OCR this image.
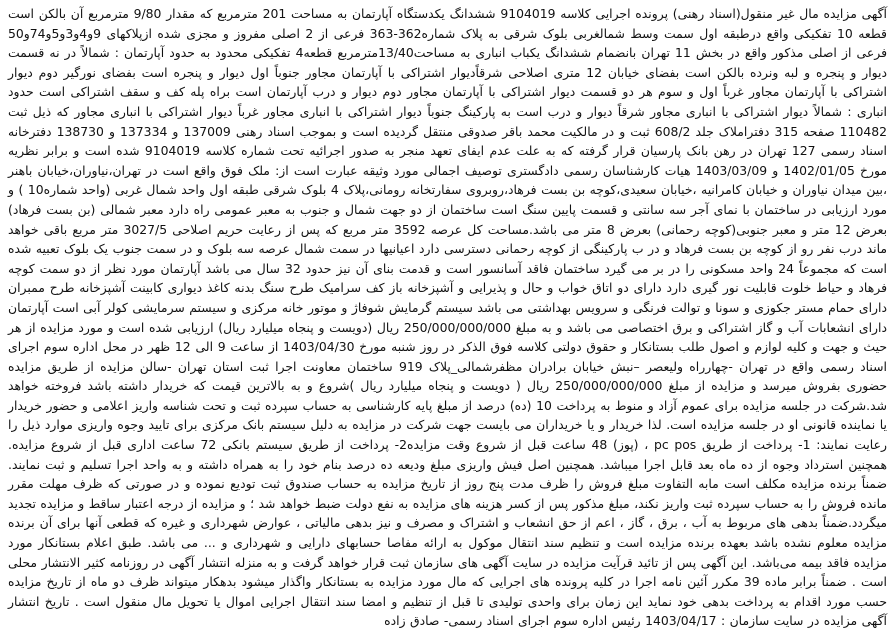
آگهی مزایده مال غیر منقول(اسناد رهنی) پرونده اجرایی کلاسه 9104019 ششدانگ یکدستگاه آپارتمان به مساحت 201 مترمربع که مقدار 9/80 مترمربع آن بالکن است قطعه 10 تفکیکی واقع درطبقه اول سمت وسط شمالغربی بلوک شرقی به پلاک شماره362-363 فرعی از 2 اصلی مفروز و مجزی شده ازپلاکهای 9و4و3و5و74و50 فرعی از اصلی مذکور واقع در بخش 11 تهران بانضمام ششدانگ یکباب انباری به مساحت13/40مترمربع قطعه4 تفکیکی محدود به حدود آپارتمان : شمالاً در نه قسمت دیوار و پنجره و لبه ونرده بالکن است بفضای خیابان 12 متری اصلاحی شرقاًدیوار اشتراکی با آپارتمان مجاور جنوباً اول دیوار و پنجره است بفضای نورگیر دوم دیوار اشتراکی با آپارتمان مجاور غرباً اول و سوم هر دو قسمت دیوار اشتراکی با آپارتمان مجاور دوم دیوار و درب آپارتمان است براه پله کف و سقف اشتراکی است حدود انباری : شمالاً دیوار اشتراکی با انباری مجاور شرقاً دیوار و درب است به پارکینگ جنوباً دیوار اشتراکی با انباری مجاور غرباً دیوار اشتراکی با انباری مجاور که ذیل ثبت 110482 صفحه 315 دفتراملاک جلد 608/2 ثبت و در مالکیت محمد باقر صدوقی منتقل گردیده است و بموجب اسناد رهنی 137009 و 137334 و 138730 دفترخانه اسناد رسمی 127 تهران در رهن بانک پارسیان قرار گرفته که به علت عدم ایفای تعهد منجر به صدور اجرائیه تحت شماره کلاسه 9104019 شده است و برابر نظریه مورخ 1402/01/05 و 1403/03/09 هیات کارشناسان رسمی دادگستری توصیف اجمالی مورد وثیقه عبارت است از: ملک فوق واقع است در تهران،نیاوران،خیابان باهنر ،بین میدان نیاوران و خیابان کامرانیه ،خیابان سعیدی،کوچه بن بست فرهاد،روبروی سفارتخانه رومانی،پلاک 4 بلوک شرقی طبقه اول واحد شمال غربی (واحد شماره10 ) و مورد ارزیابی در ساختمان با نمای آجر سه سانتی و قسمت پایین سنگ است ساختمان از دو جهت شمال و جنوب به معبر عمومی راه دارد معبر شمالی (بن بست فرهاد) بعرض 12 متر و معبر جنوبی(کوچه رحمانی) بعرض 8 متر می باشد.مساحت کل عرصه 3592 متر مربع که پس از رعایت حریم اصلاحی 3027/5 متر مربع باقی خواهد ماند درب نفر رو از کوچه بن بست فرهاد و در ب پارکینگی از کوچه رحمانی دسترسی دارد اعیانیها در سمت شمال عرصه سه بلوک و در سمت جنوب یک بلوک تعبیه شده است که مجموعاً 24 واحد مسکونی را در بر می گیرد ساختمان فاقد آسانسور است و قدمت بنای آن نیز حدود 32 سال می باشد آپارتمان مورد نظر از دو سمت کوچه فرهاد و حیاط خلوت قابلیت نور گیری دارد دارای دو اتاق خواب و حال و پذیرایی و آشپزخانه باز کف سرامیک طرح سنگ بدنه کاغذ دیواری کابینت آشپزخانه طرح ممبران دارای حمام مستر جکوزی و سونا و توالت فرنگی و سرویس بهداشتی می باشد سیستم گرمایش شوفاژ و موتور خانه مرکزی و سیستم سرمایشی کولر آبی است آپارتمان دارای انشعابات آب و گاز اشتراکی و برق اختصاصی می باشد و به مبلغ 250/000/000/000 ریال (دویست و پنجاه میلیارد ریال) ارزیابی شده است و مورد مزایده از هر حیث و جهت و کلیه لوازم و اصول طلب بستانکار و حقوق دولتی کلاسه فوق الذکر در روز شنبه مورخ 1403/04/30 از ساعت 9 الی 12 ظهر در محل اداره سوم اجرای اسناد رسمی واقع در تهران -چهارراه ولیعصر –نبش خیابان برادران مظفرشمالی_پلاک 919 ساختمان معاونت اجرا ثبت استان تهران -سالن مزایده از طریق مزایده حضوری بفروش میرسد و مزایده از مبلغ 250/000/000/000 ریال ( دویست و پنجاه میلیارد ریال )شروع و به بالاترین قیمت که خریدار داشته باشد فروخته خواهد شد.شرکت در جلسه مزایده برای عموم آزاد و منوط به پرداخت 10 (ده) درصد از مبلغ پایه کارشناسی به حساب سپرده ثبت و تحت شناسه واریز اعلامی و حضور خریدار یا نماینده قانونی او در جلسه مزایده است. لذا خریدار و یا خریداران می بایست جهت شرکت در مزایده به دلیل سیستم بانک مرکزی برای تایید وجوه واریزی موارد ذیل را رعایت نمایند: 1- پرداخت از طریق pc pos ، (پوز) 48 ساعت قبل از شروع وقت مزایده2- پرداخت از طریق سیستم بانکی 72 ساعت اداری قبل از شروع مزایده. همچنین استرداد وجوه از ده ماه بعد قابل اجرا میباشد. همچنین اصل فیش واریزی مبلغ ودیعه ده درصد بنام خود را به همراه داشته و به واحد اجرا تسلیم و ثبت نمایند. ضمناً برنده مزایده مکلف است مابه التفاوت مبلغ فروش را ظرف مدت پنج روز از تاریخ مزایده به حساب صندوق ثبت تودیع نموده و در صورتی که ظرف مهلت مقرر مانده فروش را به حساب سپرده ثبت واریز نکند، مبلغ مذکور پس از کسر هزینه های مزایده به نفع دولت ضبط خواهد شد ؛ و مزایده از درجه اعتبار ساقط و مزایده تجدید میگردد.ضمناً بدهی های مربوط به آب ، برق ، گاز ، اعم از حق انشعاب و اشتراک و مصرف و نیز بدهی مالیاتی ، عوارض شهرداری و غیره که قطعی آنها برای آن برنده مزایده معلوم نشده باشد بعهده برنده مزایده است و تنظیم سند انتقال موکول به ارائه مفاصا حسابهای دارایی و شهرداری و ... می باشد. طبق اعلام بستانکار مورد مزایده فاقد بیمه می‌باشد. این آگهی پس از تائید قرآیت مزایده در سایت آگهی های سازمان ثبت قرار خواهد گرفت و به منزله انتشار آگهی در روزنامه کثیر الانتشار محلی است . ضمناً برابر ماده 39 مکرر آئین نامه اجرا در کلیه پرونده های اجرایی که مال مورد مزایده به بستانکار واگذار میشود بدهکار میتواند ظرف دو ماه از تاریخ مزایده حسب مورد اقدام به پرداخت بدهی خود نماید این زمان برای واحدی تولیدی تا قبل از تنظیم و امضا سند انتقال اجرایی اموال یا تحویل مال منقول است . تاریخ انتشار آگهی مزایده در سایت سازمان : 1403/04/17 رئیس اداره سوم اجرای اسناد رسمی- صادق زاده
